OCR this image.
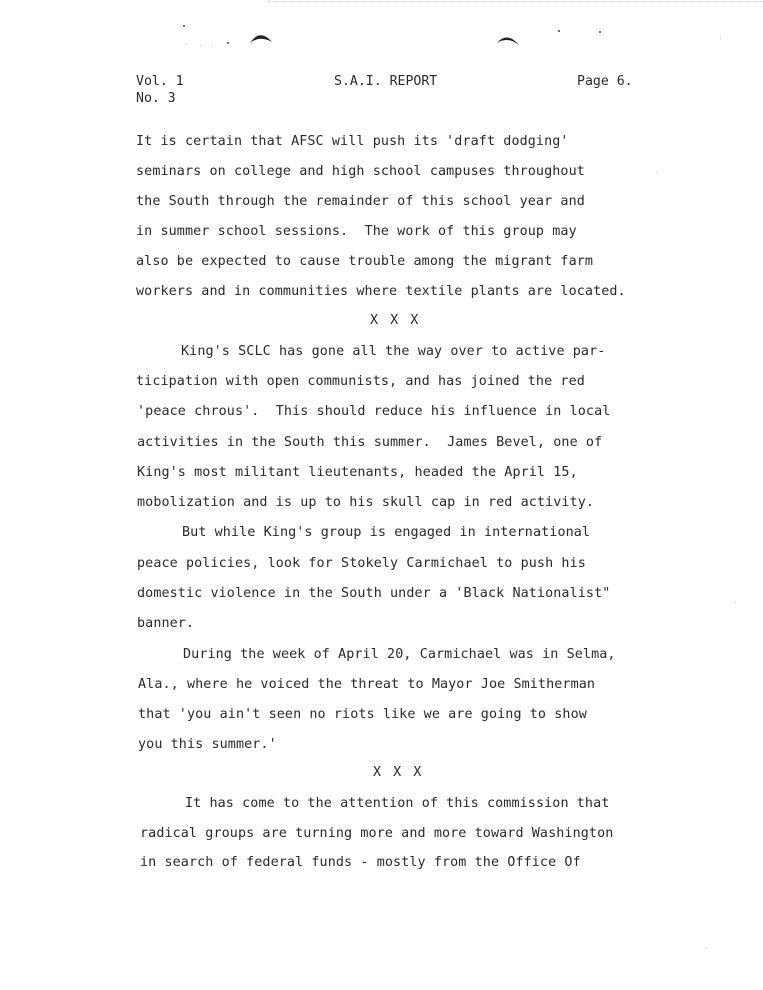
Vol. 1
No. 3
S.A.I. REPORT	Page 6.
It is certain that AFSC will push its 'draft dodging'
seminars on college and high school campuses throughout
the South through the remainder of this school year and
in summer school sessions.  The work of this group may
also be expected to cause trouble among the migrant farm
workers and in communities where textile plants are located.
X X X
King's SCLC has gone all the way over to active par-
ticipation with open communists, and has joined the red
'peace chrous'.  This should reduce his influence in local
activities in the South this summer.  James Bevel, one of
King's most militant lieutenants, headed the April 15,
mobolization and is up to his skull cap in red activity.
But while King's group is engaged in international
peace policies, look for Stokely Carmichael to push his
domestic violence in the South under a 'Black Nationalist"
banner.
During the week of April 20, Carmichael was in Selma,
Ala., where he voiced the threat to Mayor Joe Smitherman
that 'you ain't seen no riots like we are going to show
you this summer.'
X X X
It has come to the attention of this commission that
radical groups are turning more and more toward Washington
in search of federal funds - mostly from the Office Of
